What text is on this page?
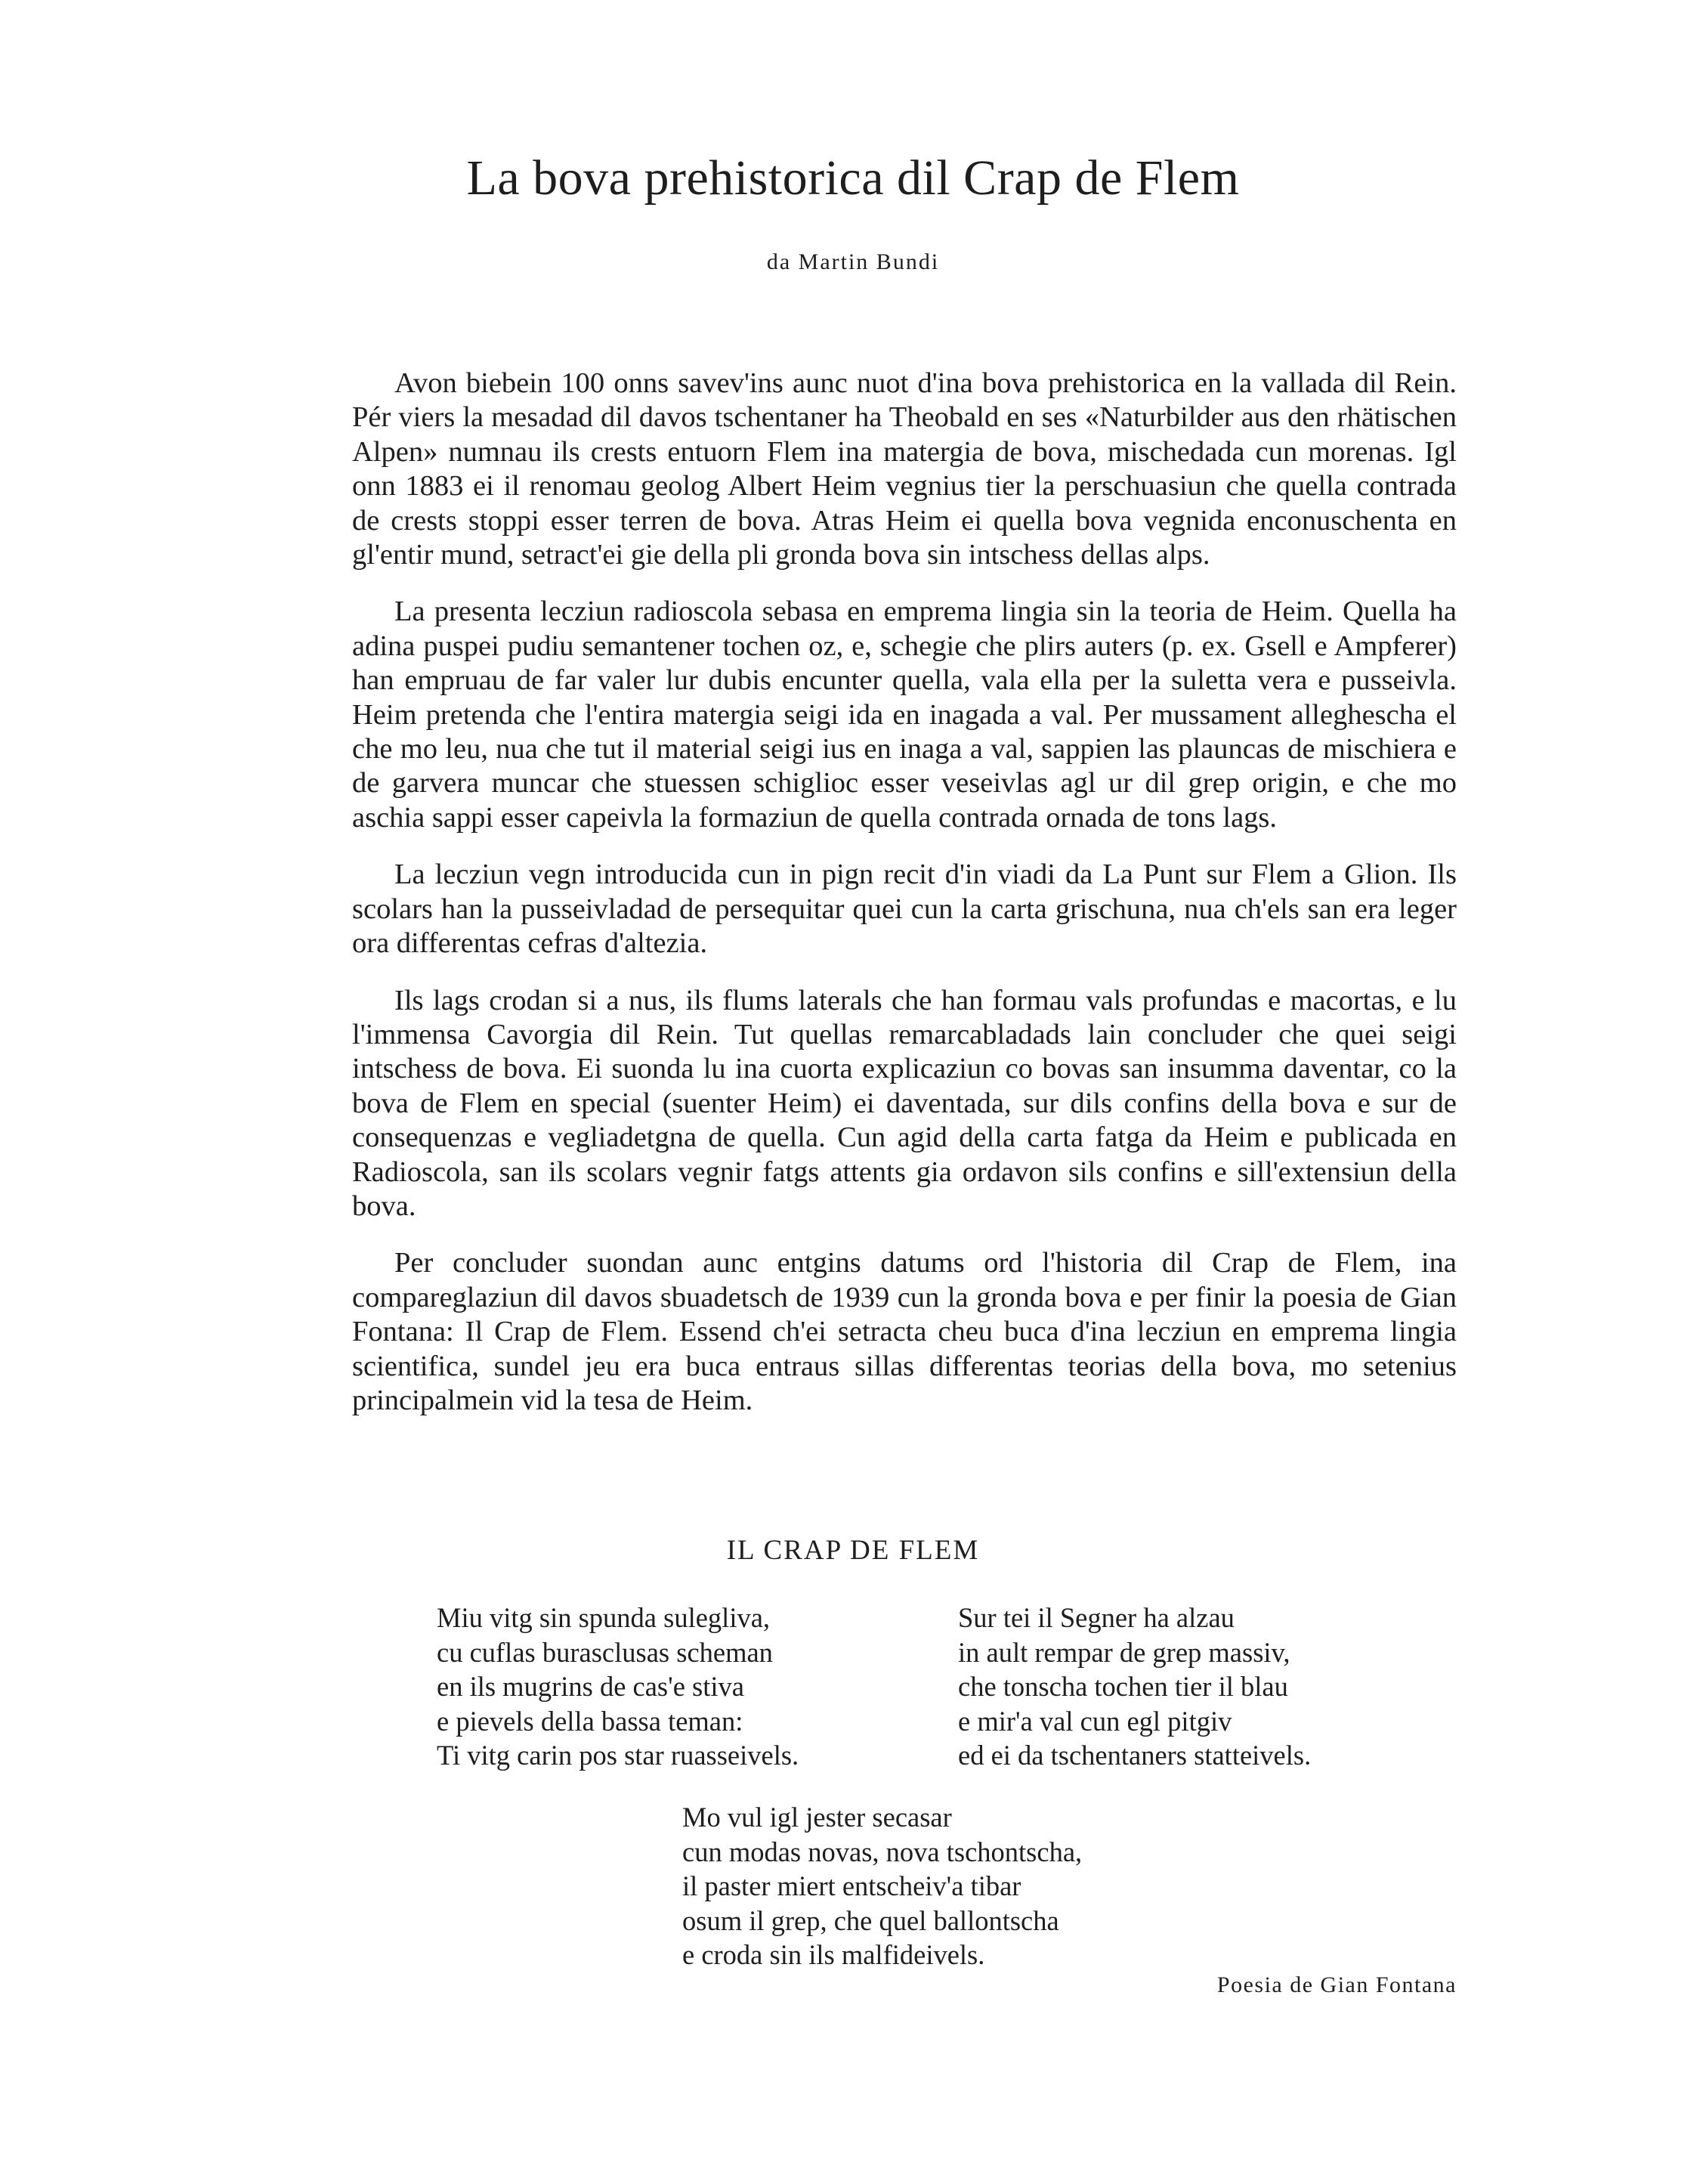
La bova prehistorica dil Crap de Flem
da Martin Bundi

Avon biebein 100 onns savev'ins aunc nuot d'ina bova prehistorica en la vallada dil Rein. Pér viers la mesadad dil davos tschentaner ha Theobald en ses «Naturbilder aus den rhätischen Alpen» numnau ils crests entuorn Flem ina matergia de bova, mischedada cun morenas. Igl onn 1883 ei il renomau geolog Albert Heim vegnius tier la perschuasiun che quella contrada de crests stoppi esser terren de bova. Atras Heim ei quella bova vegnida enconuschenta en gl'entir mund, setract'ei gie della pli gronda bova sin intschess dellas alps.

La presenta lecziun radioscola sebasa en emprema lingia sin la teoria de Heim. Quella ha adina puspei pudiu semantener tochen oz, e, schegie che plirs auters (p. ex. Gsell e Ampferer) han empruau de far valer lur dubis encunter quella, vala ella per la suletta vera e pusseivla. Heim pretenda che l'entira matergia seigi ida en inagada a val. Per mussament allegheschа el che mo leu, nua che tut il material seigi ius en inaga a val, sappien las plauncas de mischiera e de garvera muncar che stuessen schiglioc esser veseivlas agl ur dil grep origin, e che mo aschia sappi esser capeivla la formaziun de quella contrada ornada de tons lags.

La lecziun vegn introducida cun in pign recit d'in viadi da La Punt sur Flem a Glion. Ils scolars han la pusseivladad de persequitar quei cun la carta grischuna, nua ch'els san era leger ora differentas cefras d'altezia.

Ils lags crodan si a nus, ils flums laterals che han formau vals profundas e macortas, e lu l'immensa Cavorgia dil Rein. Tut quellas remarcabladads lain concluder che quei seigi intschess de bova. Ei suonda lu ina cuorta explicaziun co bovas san insumma daventar, co la bova de Flem en special (suenter Heim) ei daventada, sur dils confins della bova e sur de consequenzas e vegliadetgna de quella. Cun agid della carta fatga da Heim e publicada en Radioscola, san ils scolars vegnir fatgs attents gia ordavon sils confins e sill'extensiun della bova.

Per concluder suondan aunc entgins datums ord l'historia dil Crap de Flem, ina compareglaziun dil davos sbuadetsch de 1939 cun la gronda bova e per finir la poesia de Gian Fontana: Il Crap de Flem. Essend ch'ei setracta cheu buca d'ina lecziun en emprema lingia scientifica, sundel jeu era buca entraus sillas differentas teorias della bova, mo setenius principalmein vid la tesa de Heim.

IL CRAP DE FLEM
Miu vitg sin spunda sulegliva,
cu cuflas burasclusas scheman
en ils mugrins de cas'e stiva
e pievels della bassa teman:
Ti vitg carin pos star ruasseivels.
Sur tei il Segner ha alzau
in ault rempar de grep massiv,
che tonscha tochen tier il blau
e mir'a val cun egl pitgiv
ed ei da tschentaners statteivels.
Mo vul igl jester secasar
cun modas novas, nova tschontscha,
il paster miert entscheiv'a tibar
osum il grep, che quel ballontscha
e croda sin ils malfideivels.
Poesia de Gian Fontana
